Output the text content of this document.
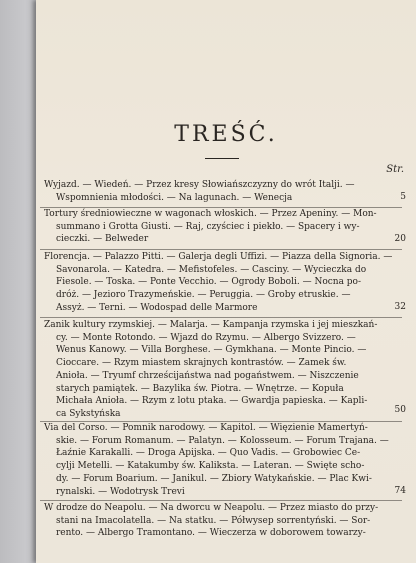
TREŚĆ.
Str.
Wyjazd. — Wiedeń. — Przez kresy Słowiańszczyzny do wrót Italji. —
Wspomnienia młodości. — Na lagunach. — Wenecja	5
Tortury średniowieczne w wagonach włoskich. — Przez Apeniny. — Mon-
summano i Grotta Giusti. — Raj, czyściec i piekło. — Spacery i wy-
cieczki. — Belweder	20
Florencja. — Palazzo Pitti. — Galerja degli Uffizi. — Piazza della Signoria. —
Savonarola. — Katedra. — Mefistofeles. — Casciny. — Wycieczka do
Fiesole. — Toska. — Ponte Vecchio. — Ogrody Boboli. — Nocna po-
dróż. — Jezioro Trazymeńskie. — Peruggia. — Groby etruskie. —
Assyż. — Terni. — Wodospad delle Marmore	32
Zanik kultury rzymskiej. — Malarja. — Kampanja rzymska i jej mieszkań-
cy. — Monte Rotondo. — Wjazd do Rzymu. — Albergo Svizzero. —
Wenus Kanowy. — Villa Borghese. — Gymkhana. — Monte Pincio. —
Cioccare. — Rzym miastem skrajnych kontrastów. — Zamek św.
Anioła. — Tryumf chrześcijaństwa nad pogaństwem. — Niszczenie
starych pamiątek. — Bazylika św. Piotra. — Wnętrze. — Kopuła
Michała Anioła. — Rzym z lotu ptaka. — Gwardja papieska. — Kapli-
ca Sykstyńska	50
Via del Corso. — Pomnik narodowy. — Kapitol. — Więzienie Mamertyń-
skie. — Forum Romanum. — Palatyn. — Kolosseum. — Forum Trajana. —
Łaźnie Karakalli. — Droga Apijska. — Quo Vadis. — Grobowiec Ce-
cylji Metelli. — Katakumby św. Kaliksta. — Lateran. — Święte scho-
dy. — Forum Boarium. — Janikul. — Zbiory Watykańskie. — Plac Kwi-
rynalski. — Wodotrysk Trevi	74
W drodze do Neapolu. — Na dworcu w Neapolu. — Przez miasto do przy-
stani na Imacolatella. — Na statku. — Półwysep sorrentyński. — Sor-
rento. — Albergo Tramontano. — Wieczerza w doborowem towarzy-
